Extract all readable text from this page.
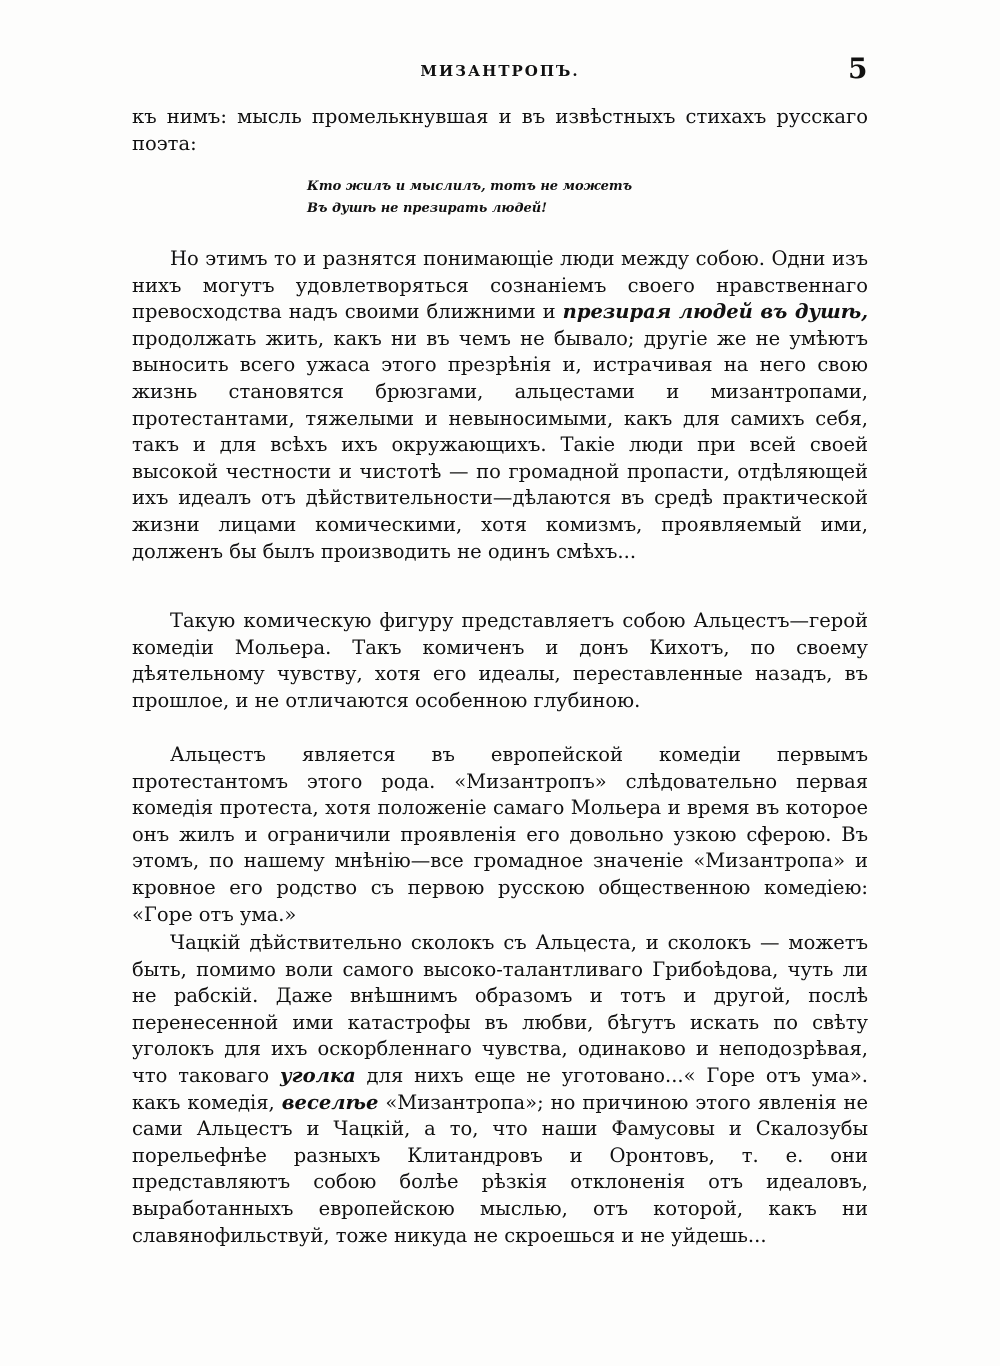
МИЗАНТРОПЪ.	5

къ нимъ: мысль промелькнувшая и въ извѣстныхъ стихахъ русскаго поэта:

Кто жилъ и мыслилъ, тотъ не можетъ
Въ душѣ не презирать людей!

Но этимъ то и разнятся понимающіе люди между собою. Одни изъ нихъ могутъ удовлетворяться сознаніемъ своего нравственнаго превосходства надъ своими ближними и презирая людей въ душѣ, продолжать жить, какъ ни въ чемъ не бывало; другіе же не умѣютъ выносить всего ужаса этого презрѣнія и, истрачивая на него свою жизнь становятся брюзгами, альцестами и мизантропами, протестантами, тяжелыми и невыносимыми, какъ для самихъ себя, такъ и для всѣхъ ихъ окружающихъ. Такіе люди при всей своей высокой честности и чистотѣ — по громадной пропасти, отдѣляющей ихъ идеалъ отъ дѣйствительности—дѣлаются въ средѣ практической жизни лицами комическими, хотя комизмъ, проявляемый ими, долженъ бы былъ производить не одинъ смѣхъ...

Такую комическую фигуру представляетъ собою Альцестъ—герой комедіи Мольера. Такъ комиченъ и донъ Кихотъ, по своему дѣятельному чувству, хотя его идеалы, переставленные назадъ, въ прошлое, и не отличаются особенною глубиною.

Альцестъ является въ европейской комедіи первымъ протестантомъ этого рода. «Мизантропъ» слѣдовательно первая комедія протеста, хотя положеніе самаго Мольера и время въ которое онъ жилъ и ограничили проявленія его довольно узкою сферою. Въ этомъ, по нашему мнѣнію—все громадное значеніе «Мизантропа» и кровное его родство съ первою русскою общественною комедіею: «Горе отъ ума.»

Чацкій дѣйствительно сколокъ съ Альцеста, и сколокъ — можетъ быть, помимо воли самого высоко-талантливаго Грибоѣдова, чуть ли не рабскій. Даже внѣшнимъ образомъ и тотъ и другой, послѣ перенесенной ими катастрофы въ любви, бѣгутъ искать по свѣту уголокъ для ихъ оскорбленнаго чувства, одинаково и неподозрѣвая, что таковаго уголка для нихъ еще не уготовано...« Горе отъ ума». какъ комедія, веселѣе «Мизантропа»; но причиною этого явленія не сами Альцестъ и Чацкій, а то, что наши Фамусовы и Скалозубы порельефнѣе разныхъ Клитандровъ и Оронтовъ, т. е. они представляютъ собою болѣе рѣзкія отклоненія отъ идеаловъ, выработанныхъ европейскою мыслью, отъ которой, какъ ни славянофильствуй, тоже никуда не скроешься и не уйдешь...
